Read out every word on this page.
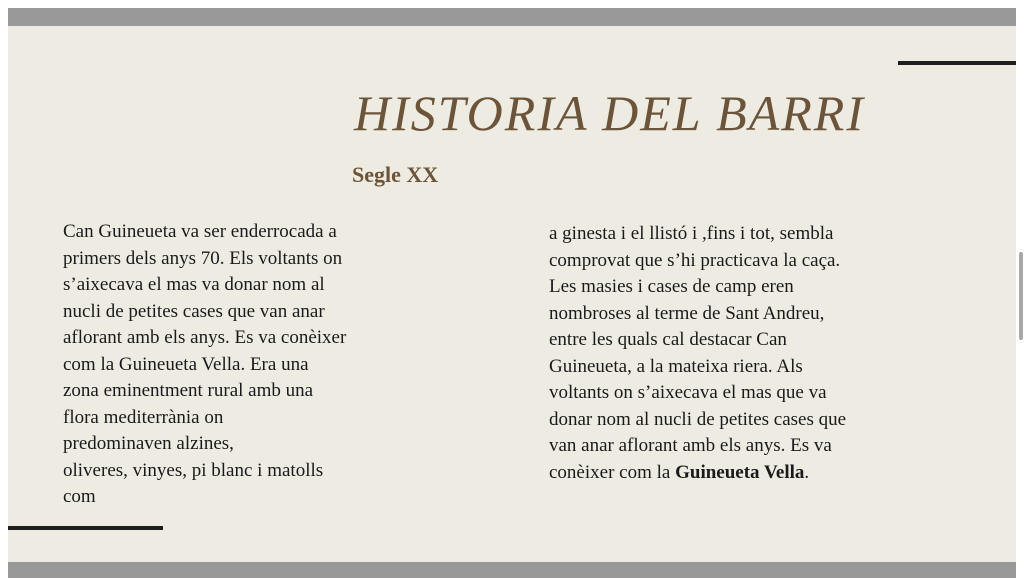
HISTORIA DEL BARRI
Segle XX
Can Guineueta va ser enderrocada a
primers dels anys 70. Els voltants on
s’aixecava el mas va donar nom al
nucli de petites cases que van anar
aflorant amb els anys. Es va conèixer
com la Guineueta Vella. Era una
zona eminentment rural amb una
flora mediterrània on
predominaven alzines,
oliveres, vinyes, pi blanc i matolls
com
a ginesta i el llistó i ,fins i tot, sembla
comprovat que s’hi practicava la caça.
Les masies i cases de camp eren
nombroses al terme de Sant Andreu,
entre les quals cal destacar Can
Guineueta, a la mateixa riera. Als
voltants on s’aixecava el mas que va
donar nom al nucli de petites cases que
van anar aflorant amb els anys. Es va
conèixer com la Guineueta Vella.
